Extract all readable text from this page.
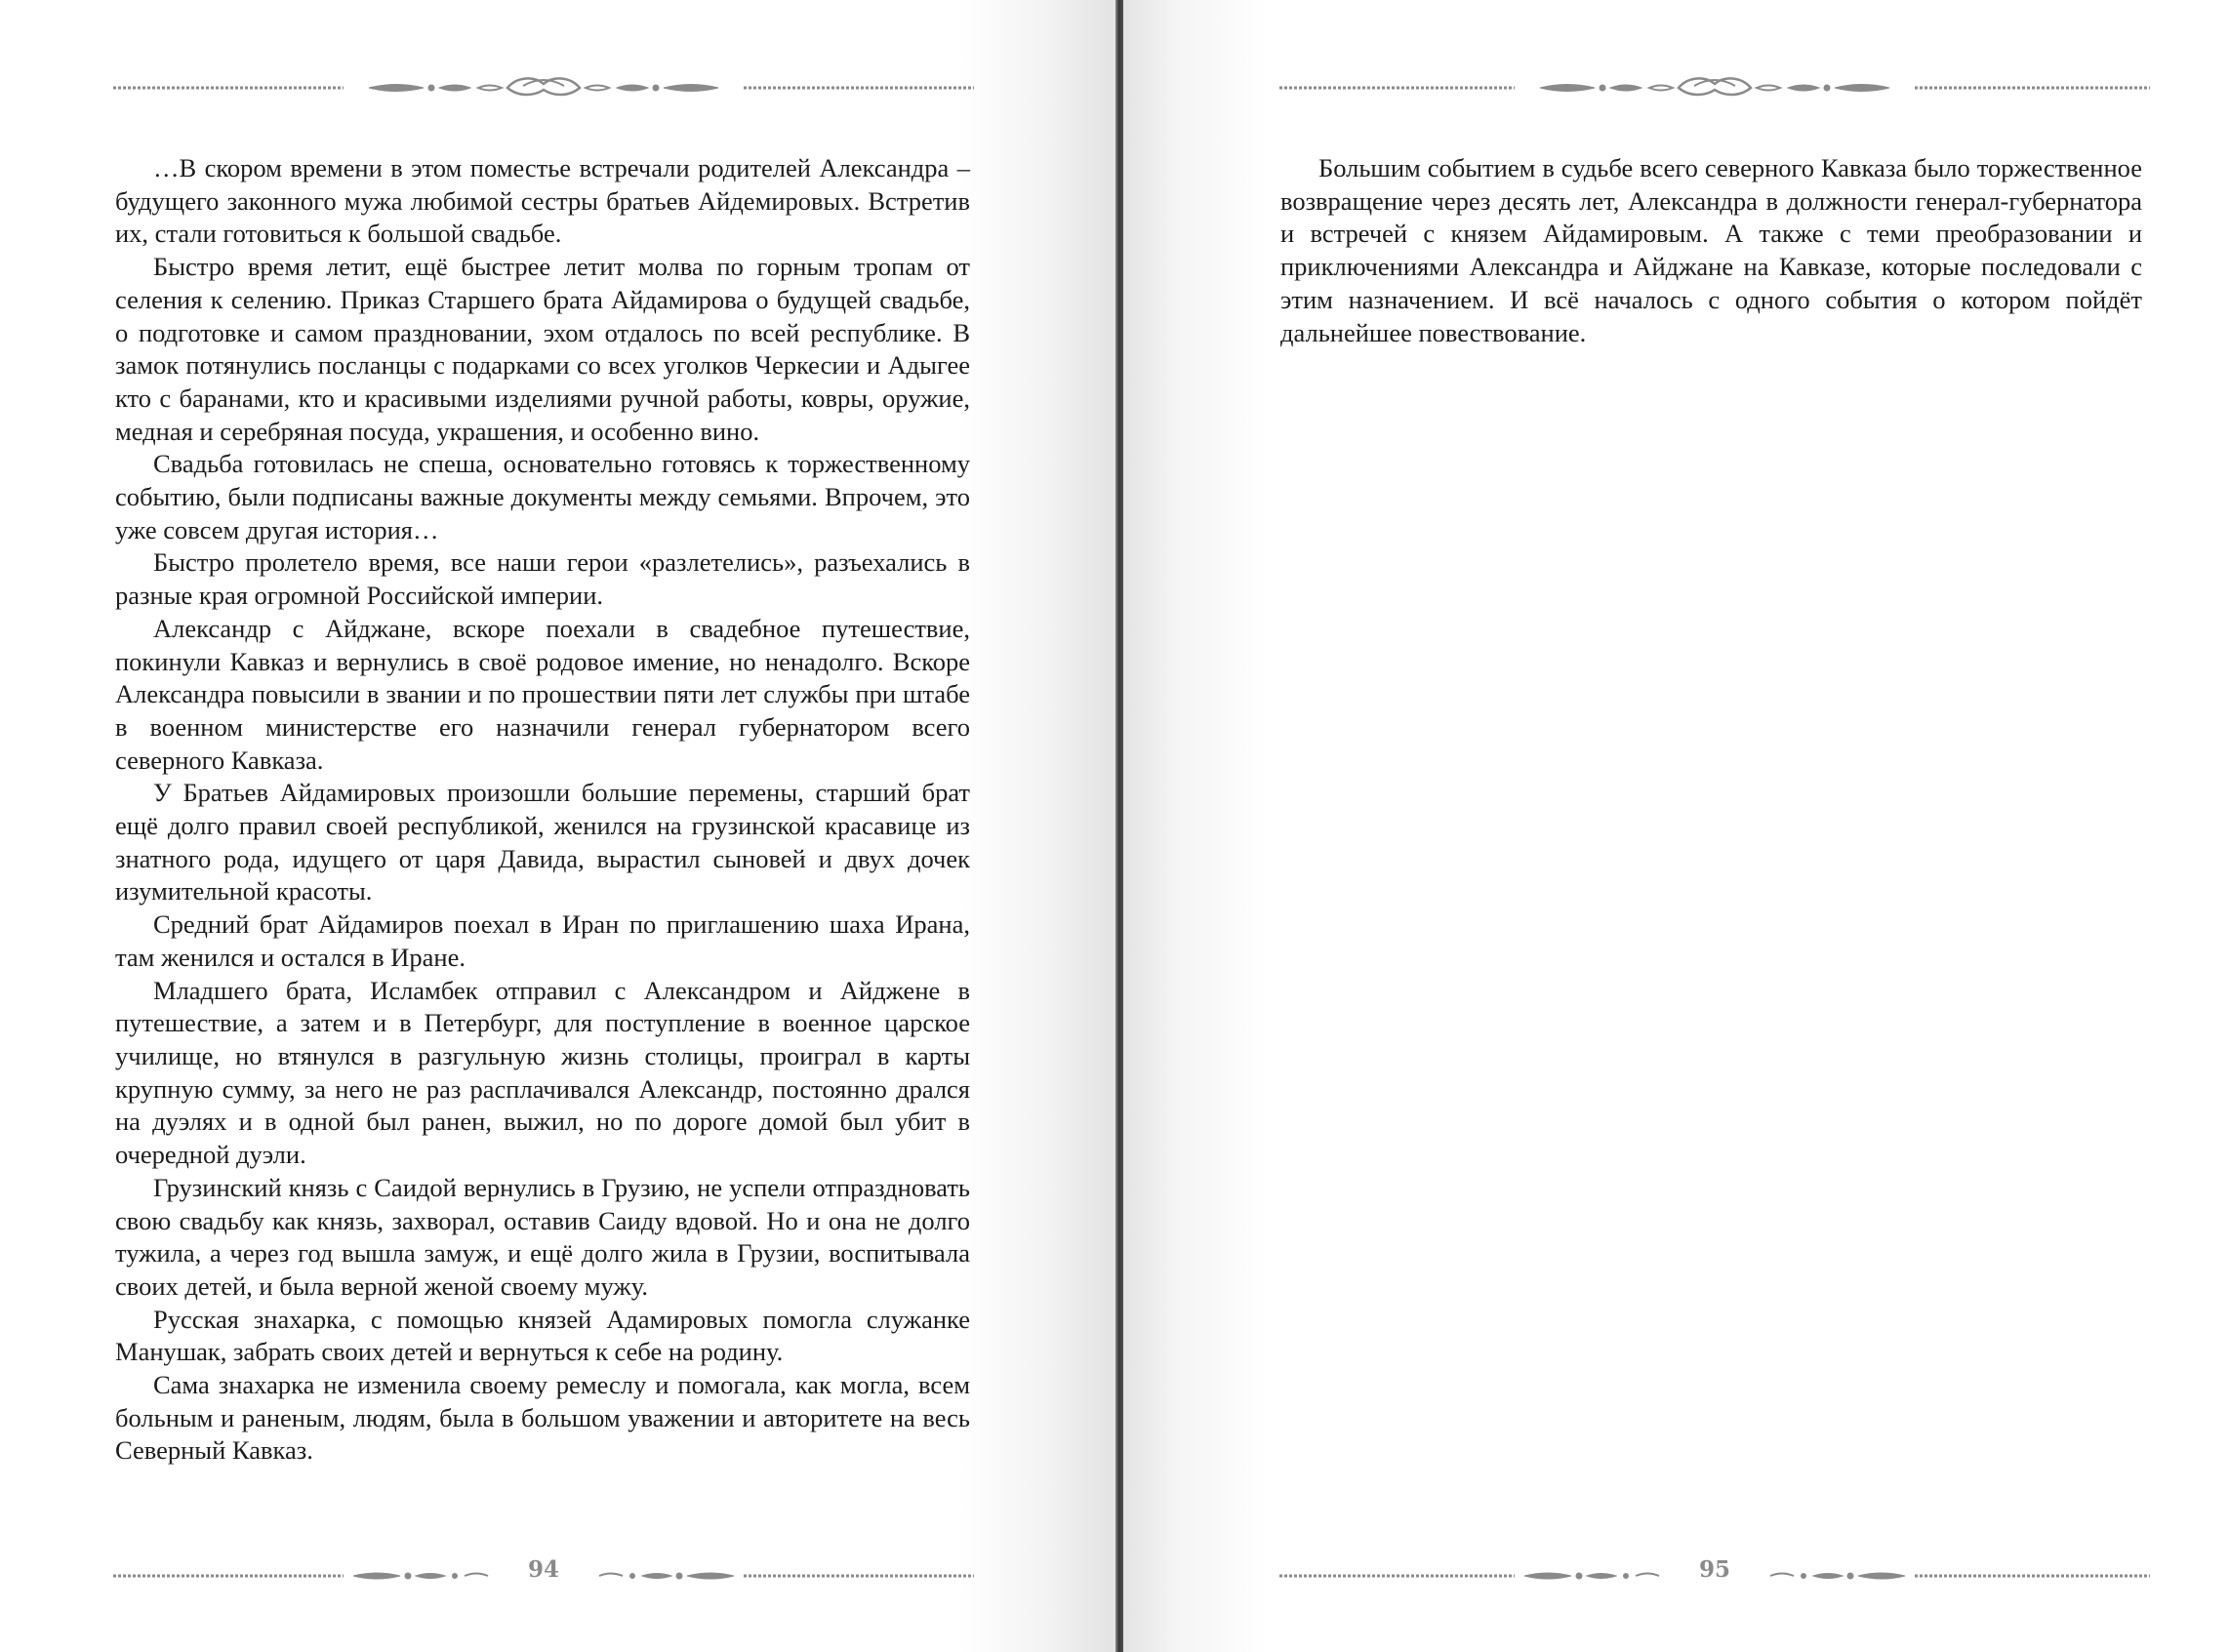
…В скором времени в этом поместье встречали родителей Александра – будущего законного мужа любимой сестры братьев Айдемировых. Встретив их, стали готовиться к большой свадьбе.

Быстро время летит, ещё быстрее летит молва по горным тропам от селения к селению. Приказ Старшего брата Айдамирова о будущей свадьбе, о подготовке и самом праздновании, эхом отдалось по всей республике. В замок потянулись посланцы с подарками со всех уголков Черкесии и Адыгее кто с баранами, кто и красивыми изделиями ручной работы, ковры, оружие, медная и серебряная посуда, украшения, и особенно вино.

Свадьба готовилась не спеша, основательно готовясь к торжественному событию, были подписаны важные документы между семьями. Впрочем, это уже совсем другая история…

Быстро пролетело время, все наши герои «разлетелись», разъехались в разные края огромной Российской империи.

Александр с Айджане, вскоре поехали в свадебное путешествие, покинули Кавказ и вернулись в своё родовое имение, но ненадолго. Вскоре Александра повысили в звании и по прошествии пяти лет службы при штабе в военном министерстве его назначили генерал губернатором всего северного Кавказа.

У Братьев Айдамировых произошли большие перемены, старший брат ещё долго правил своей республикой, женился на грузинской красавице из знатного рода, идущего от царя Давида, вырастил сыновей и двух дочек изумительной красоты.

Средний брат Айдамиров поехал в Иран по приглашению шаха Ирана, там женился и остался в Иране.

Младшего брата, Исламбек отправил с Александром и Айджене в путешествие, а затем и в Петербург, для поступление в военное царское училище, но втянулся в разгульную жизнь столицы, проиграл в карты крупную сумму, за него не раз расплачивался Александр, постоянно дрался на дуэлях и в одной был ранен, выжил, но по дороге домой был убит в очередной дуэли.

Грузинский князь с Саидой вернулись в Грузию, не успели отпраздновать свою свадьбу как князь, захворал, оставив Саиду вдовой. Но и она не долго тужила, а через год вышла замуж, и ещё долго жила в Грузии, воспитывала своих детей, и была верной женой своему мужу.

Русская знахарка, с помощью князей Адамировых помогла служанке Манушак, забрать своих детей и вернуться к себе на родину.

Сама знахарка не изменила своему ремеслу и помогала, как могла, всем больным и раненым, людям, была в большом уважении и авторитете на весь Северный Кавказ.

94

Большим событием в судьбе всего северного Кавказа было торжественное возвращение через десять лет, Александра в должности генерал-губернатора и встречей с князем Айдамировым. А также с теми преобразовании и приключениями Александра и Айджане на Кавказе, которые последовали с этим назначением. И всё началось с одного события о котором пойдёт дальнейшее повествование.

95
